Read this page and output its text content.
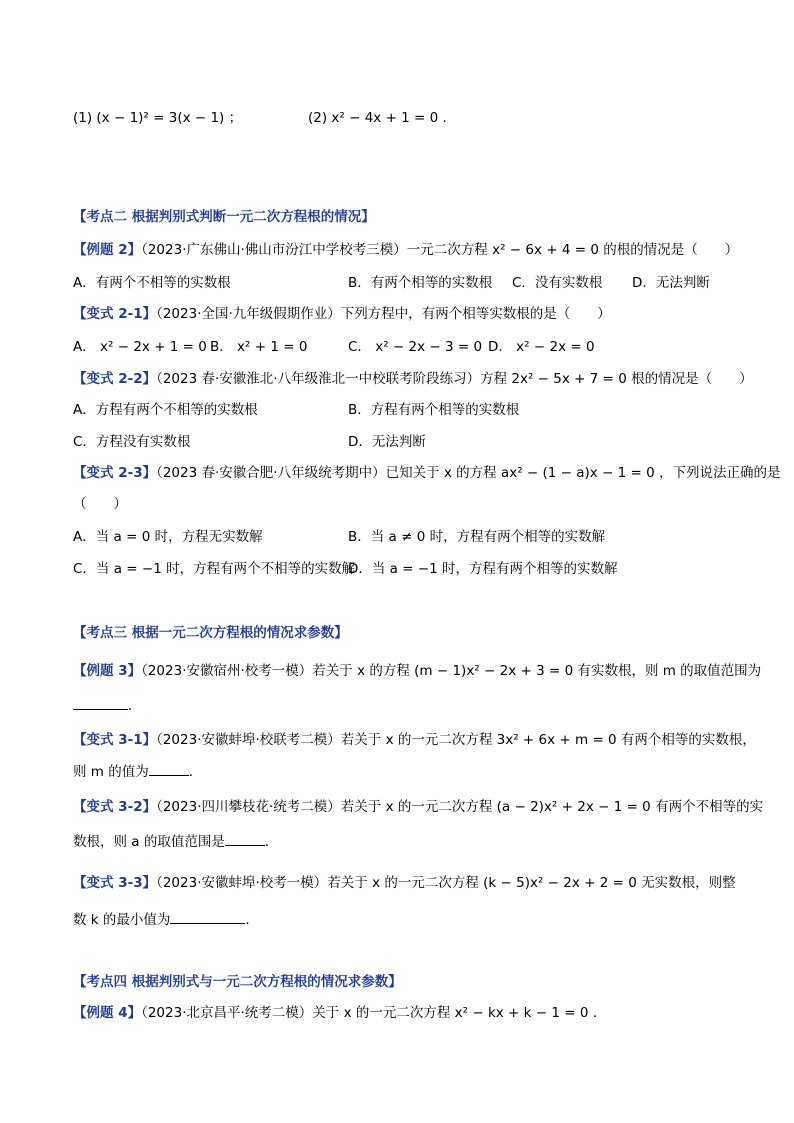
(1) (x − 1)² = 3(x − 1) ；	(2) x² − 4x + 1 = 0 .
【考点二 根据判别式判断一元二次方程根的情况】
【例题 2】（2023·广东佛山·佛山市汾江中学校考三模）一元二次方程 x² − 6x + 4 = 0 的根的情况是（　　）
A．有两个不相等的实数根	B．有两个相等的实数根 C．没有实数根 D．无法判断
【变式 2-1】（2023·全国·九年级假期作业）下列方程中，有两个相等实数根的是（　　）
A． x² − 2x + 1 = 0 B． x² + 1 = 0	C． x² − 2x − 3 = 0 D． x² − 2x = 0
【变式 2-2】（2023 春·安徽淮北·八年级淮北一中校联考阶段练习）方程 2x² − 5x + 7 = 0 根的情况是（　　）
A．方程有两个不相等的实数根	B．方程有两个相等的实数根
C．方程没有实数根	D．无法判断
【变式 2-3】（2023 春·安徽合肥·八年级统考期中）已知关于 x 的方程 ax² − (1 − a)x − 1 = 0 ，下列说法正确的是
（　　）
A．当 a = 0 时，方程无实数解	B．当 a ≠ 0 时，方程有两个相等的实数解
C．当 a = −1 时，方程有两个不相等的实数解
D．当 a = −1 时，方程有两个相等的实数解
【考点三 根据一元二次方程根的情况求参数】
【例题 3】（2023·安徽宿州·校考一模）若关于 x 的方程 (m − 1)x² − 2x + 3 = 0 有实数根，则 m 的取值范围为
．
【变式 3-1】（2023·安徽蚌埠·校联考二模）若关于 x 的一元二次方程 3x² + 6x + m = 0 有两个相等的实数根，
则 m 的值为	．
【变式 3-2】（2023·四川攀枝花·统考二模）若关于 x 的一元二次方程 (a − 2)x² + 2x − 1 = 0 有两个不相等的实
数根，则 a 的取值范围是	．
【变式 3-3】（2023·安徽蚌埠·校考一模）若关于 x 的一元二次方程 (k − 5)x² − 2x + 2 = 0 无实数根，则整
数 k 的最小值为	．
【考点四 根据判别式与一元二次方程根的情况求参数】
【例题 4】（2023·北京昌平·统考二模）关于 x 的一元二次方程 x² − kx + k − 1 = 0 .
